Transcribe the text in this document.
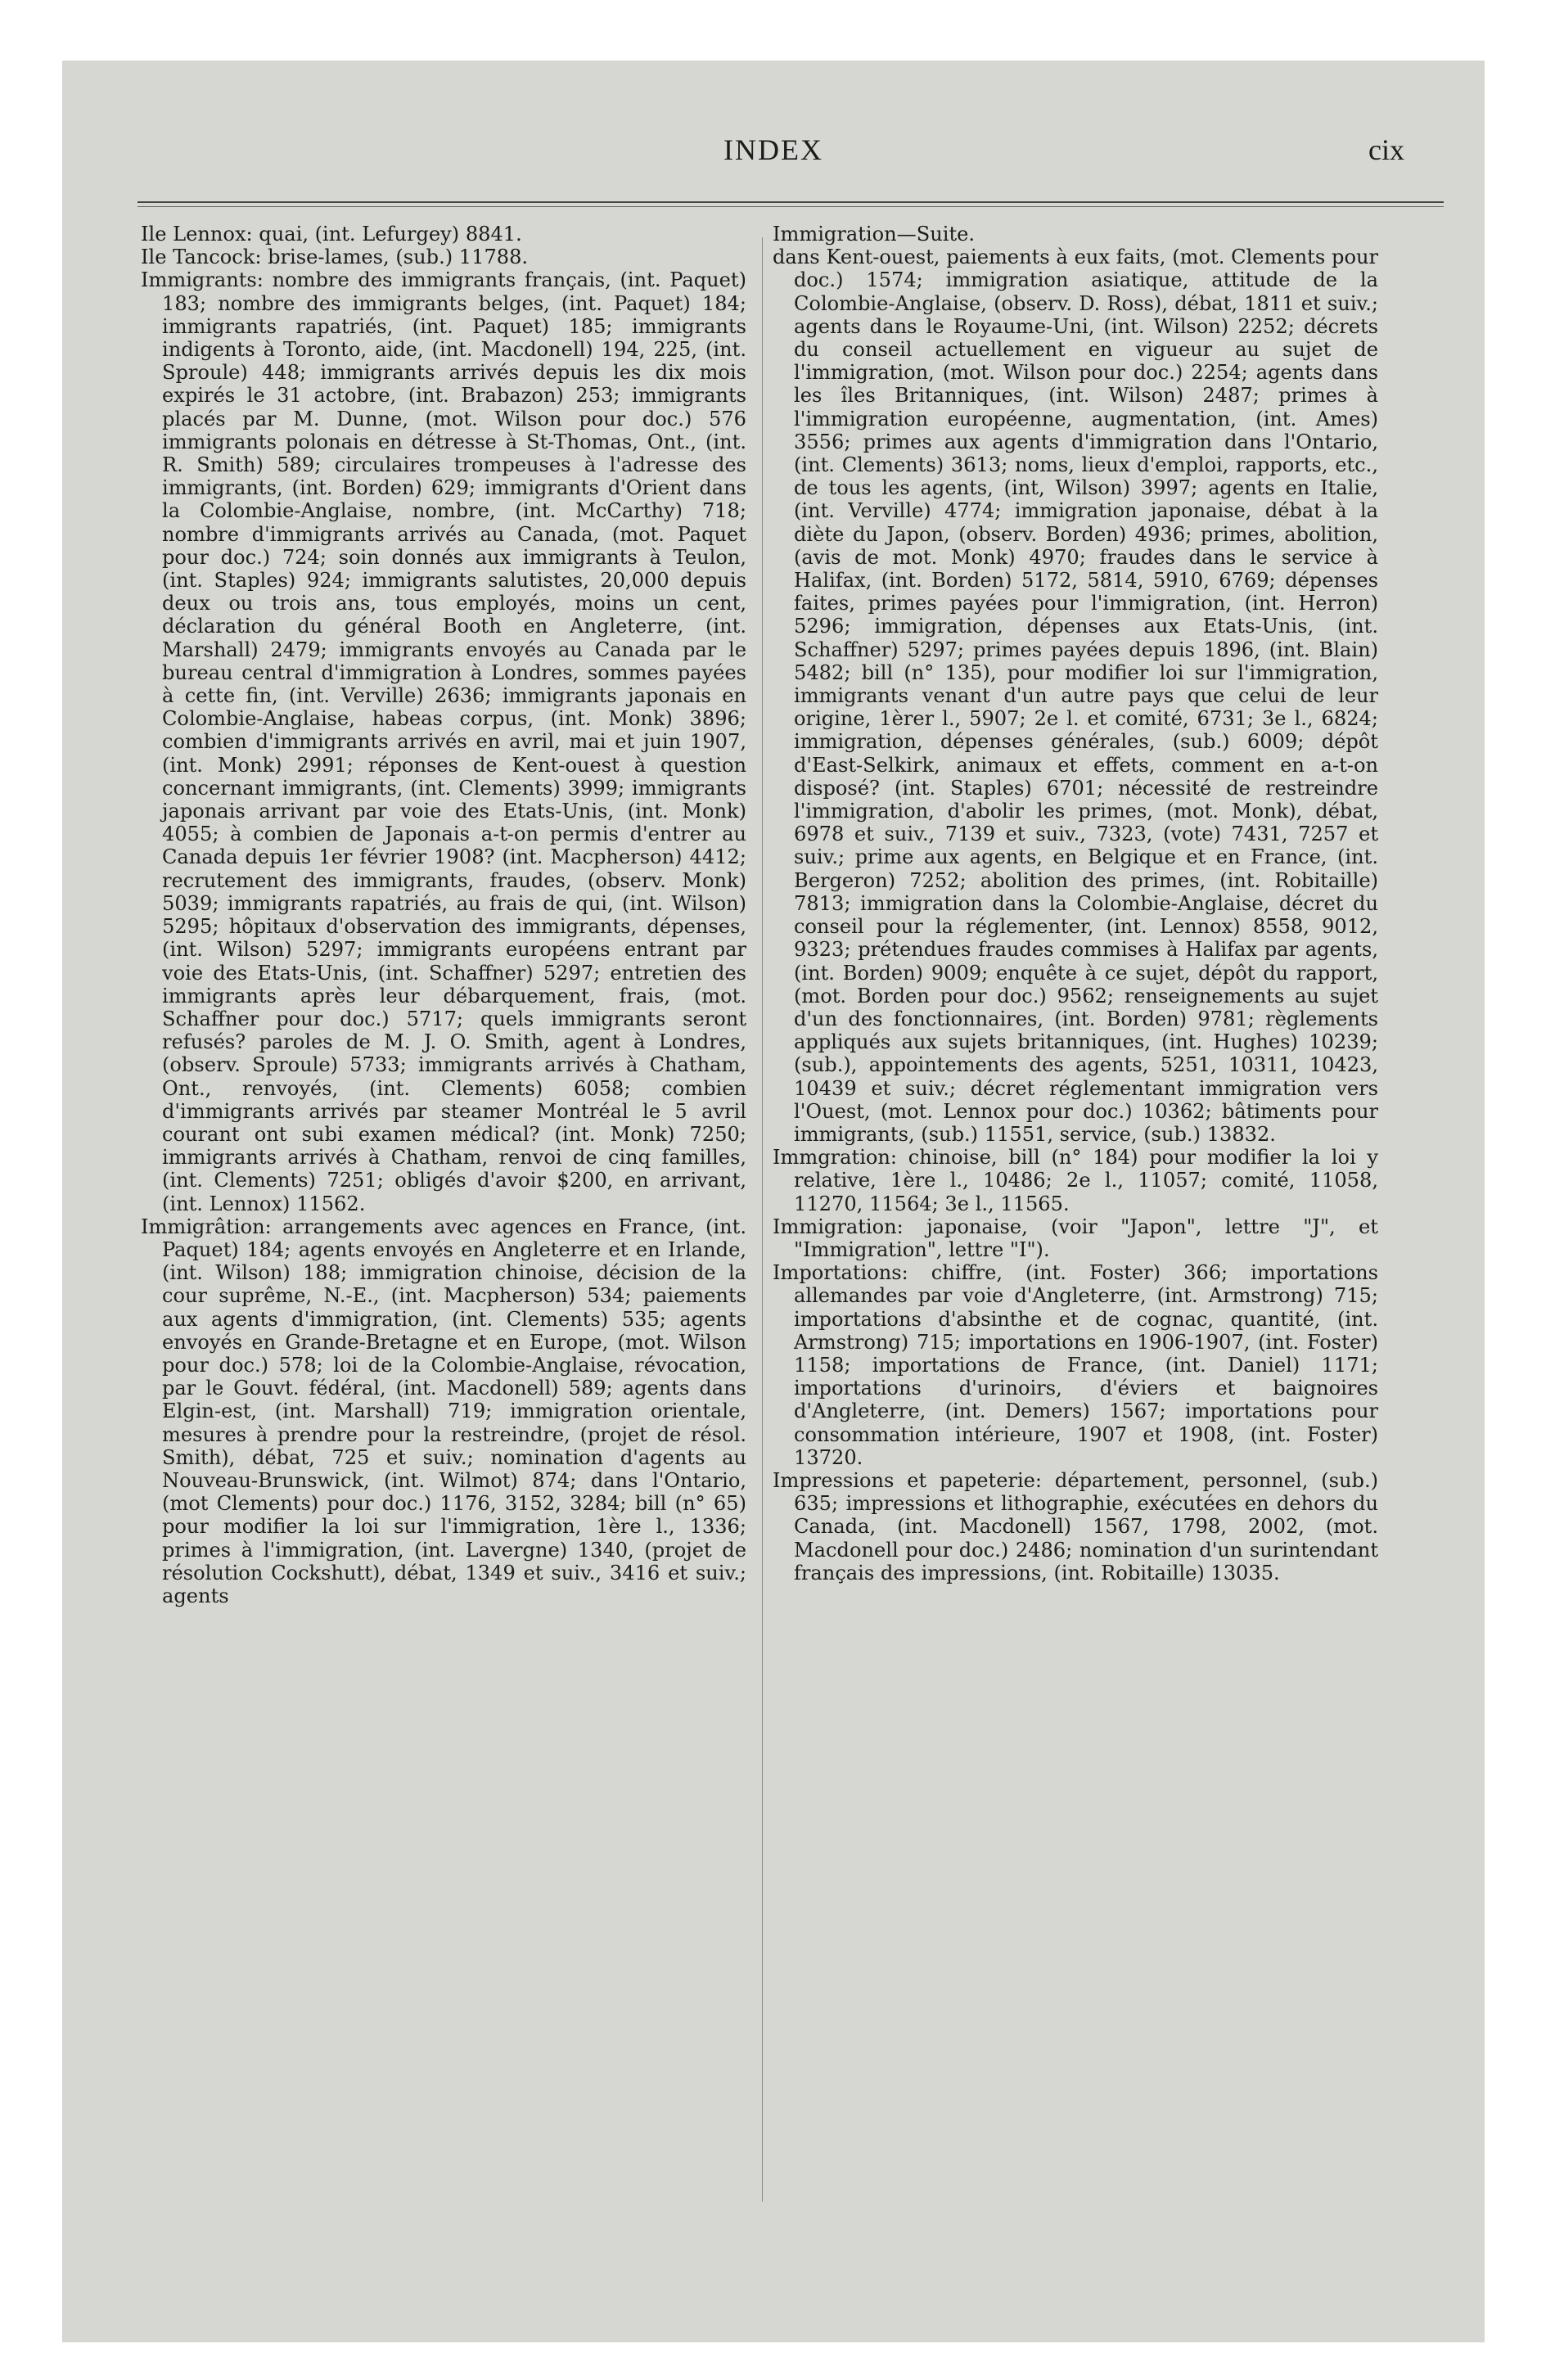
INDEX	cix

Ile Lennox: quai, (int. Lefurgey) 8841.

Ile Tancock: brise-lames, (sub.) 11788.

Immigrants: nombre des immigrants français, (int. Paquet) 183; nombre des immigrants belges, (int. Paquet) 184; immigrants rapatriés, (int. Paquet) 185; immigrants indigents à Toronto, aide, (int. Macdonell) 194, 225, (int. Sproule) 448; immigrants arrivés depuis les dix mois expirés le 31 actobre, (int. Brabazon) 253; immigrants placés par M. Dunne, (mot. Wilson pour doc.) 576 immigrants polonais en détresse à St-Thomas, Ont., (int. R. Smith) 589; circulaires trompeuses à l'adresse des immigrants, (int. Borden) 629; immigrants d'Orient dans la Colombie-Anglaise, nombre, (int. McCarthy) 718; nombre d'immigrants arrivés au Canada, (mot. Paquet pour doc.) 724; soin donnés aux immigrants à Teulon, (int. Staples) 924; immigrants salutistes, 20,000 depuis deux ou trois ans, tous employés, moins un cent, déclaration du général Booth en Angleterre, (int. Marshall) 2479; immigrants envoyés au Canada par le bureau central d'immigration à Londres, sommes payées à cette fin, (int. Verville) 2636; immigrants japonais en Colombie-Anglaise, habeas corpus, (int. Monk) 3896; combien d'immigrants arrivés en avril, mai et juin 1907, (int. Monk) 2991; réponses de Kent-ouest à question concernant immigrants, (int. Clements) 3999; immigrants japonais arrivant par voie des Etats-Unis, (int. Monk) 4055; à combien de Japonais a-t-on permis d'entrer au Canada depuis 1er février 1908? (int. Macpherson) 4412; recrutement des immigrants, fraudes, (observ. Monk) 5039; immigrants rapatriés, au frais de qui, (int. Wilson) 5295; hôpitaux d'observation des immigrants, dépenses, (int. Wilson) 5297; immigrants européens entrant par voie des Etats-Unis, (int. Schaffner) 5297; entretien des immigrants après leur débarquement, frais, (mot. Schaffner pour doc.) 5717; quels immigrants seront refusés? paroles de M. J. O. Smith, agent à Londres, (observ. Sproule) 5733; immigrants arrivés à Chatham, Ont., renvoyés, (int. Clements) 6058; combien d'immigrants arrivés par steamer Montréal le 5 avril courant ont subi examen médical? (int. Monk) 7250; immigrants arrivés à Chatham, renvoi de cinq familles, (int. Clements) 7251; obligés d'avoir $200, en arrivant, (int. Lennox) 11562.

Immigrâtion: arrangements avec agences en France, (int. Paquet) 184; agents envoyés en Angleterre et en Irlande, (int. Wilson) 188; immigration chinoise, décision de la cour suprême, N.-E., (int. Macpherson) 534; paiements aux agents d'immigration, (int. Clements) 535; agents envoyés en Grande-Bretagne et en Europe, (mot. Wilson pour doc.) 578; loi de la Colombie-Anglaise, révocation, par le Gouvt. fédéral, (int. Macdonell) 589; agents dans Elgin-est, (int. Marshall) 719; immigration orientale, mesures à prendre pour la restreindre, (projet de résol. Smith), débat, 725 et suiv.; nomination d'agents au Nouveau-Brunswick, (int. Wilmot) 874; dans l'Ontario, (mot Clements) pour doc.) 1176, 3152, 3284; bill (n° 65) pour modifier la loi sur l'immigration, 1ère l., 1336; primes à l'immigration, (int. Lavergne) 1340, (projet de résolution Cockshutt), débat, 1349 et suiv., 3416 et suiv.; agents

Immigration—Suite.

dans Kent-ouest, paiements à eux faits, (mot. Clements pour doc.) 1574; immigration asiatique, attitude de la Colombie-Anglaise, (observ. D. Ross), débat, 1811 et suiv.; agents dans le Royaume-Uni, (int. Wilson) 2252; décrets du conseil actuellement en vigueur au sujet de l'immigration, (mot. Wilson pour doc.) 2254; agents dans les îles Britanniques, (int. Wilson) 2487; primes à l'immigration européenne, augmentation, (int. Ames) 3556; primes aux agents d'immigration dans l'Ontario, (int. Clements) 3613; noms, lieux d'emploi, rapports, etc., de tous les agents, (int, Wilson) 3997; agents en Italie, (int. Verville) 4774; immigration japonaise, débat à la diète du Japon, (observ. Borden) 4936; primes, abolition, (avis de mot. Monk) 4970; fraudes dans le service à Halifax, (int. Borden) 5172, 5814, 5910, 6769; dépenses faites, primes payées pour l'immigration, (int. Herron) 5296; immigration, dépenses aux Etats-Unis, (int. Schaffner) 5297; primes payées depuis 1896, (int. Blain) 5482; bill (n° 135), pour modifier loi sur l'immigration, immigrants venant d'un autre pays que celui de leur origine, 1èrer l., 5907; 2e l. et comité, 6731; 3e l., 6824; immigration, dépenses générales, (sub.) 6009; dépôt d'East-Selkirk, animaux et effets, comment en a-t-on disposé? (int. Staples) 6701; nécessité de restreindre l'immigration, d'abolir les primes, (mot. Monk), débat, 6978 et suiv., 7139 et suiv., 7323, (vote) 7431, 7257 et suiv.; prime aux agents, en Belgique et en France, (int. Bergeron) 7252; abolition des primes, (int. Robitaille) 7813; immigration dans la Colombie-Anglaise, décret du conseil pour la réglementer, (int. Lennox) 8558, 9012, 9323; prétendues fraudes commises à Halifax par agents, (int. Borden) 9009; enquête à ce sujet, dépôt du rapport, (mot. Borden pour doc.) 9562; renseignements au sujet d'un des fonctionnaires, (int. Borden) 9781; règlements appliqués aux sujets britanniques, (int. Hughes) 10239; (sub.), appointements des agents, 5251, 10311, 10423, 10439 et suiv.; décret réglementant immigration vers l'Ouest, (mot. Lennox pour doc.) 10362; bâtiments pour immigrants, (sub.) 11551, service, (sub.) 13832.

Immgration: chinoise, bill (n° 184) pour modifier la loi y relative, 1ère l., 10486; 2e l., 11057; comité, 11058, 11270, 11564; 3e l., 11565.

Immigration: japonaise, (voir "Japon", lettre "J", et "Immigration", lettre "I").

Importations: chiffre, (int. Foster) 366; importations allemandes par voie d'Angleterre, (int. Armstrong) 715; importations d'absinthe et de cognac, quantité, (int. Armstrong) 715; importations en 1906-1907, (int. Foster) 1158; importations de France, (int. Daniel) 1171; importations d'urinoirs, d'éviers et baignoires d'Angleterre, (int. Demers) 1567; importations pour consommation intérieure, 1907 et 1908, (int. Foster) 13720.

Impressions et papeterie: département, personnel, (sub.) 635; impressions et lithographie, exécutées en dehors du Canada, (int. Macdonell) 1567, 1798, 2002, (mot. Macdonell pour doc.) 2486; nomination d'un surintendant français des impressions, (int. Robitaille) 13035.
